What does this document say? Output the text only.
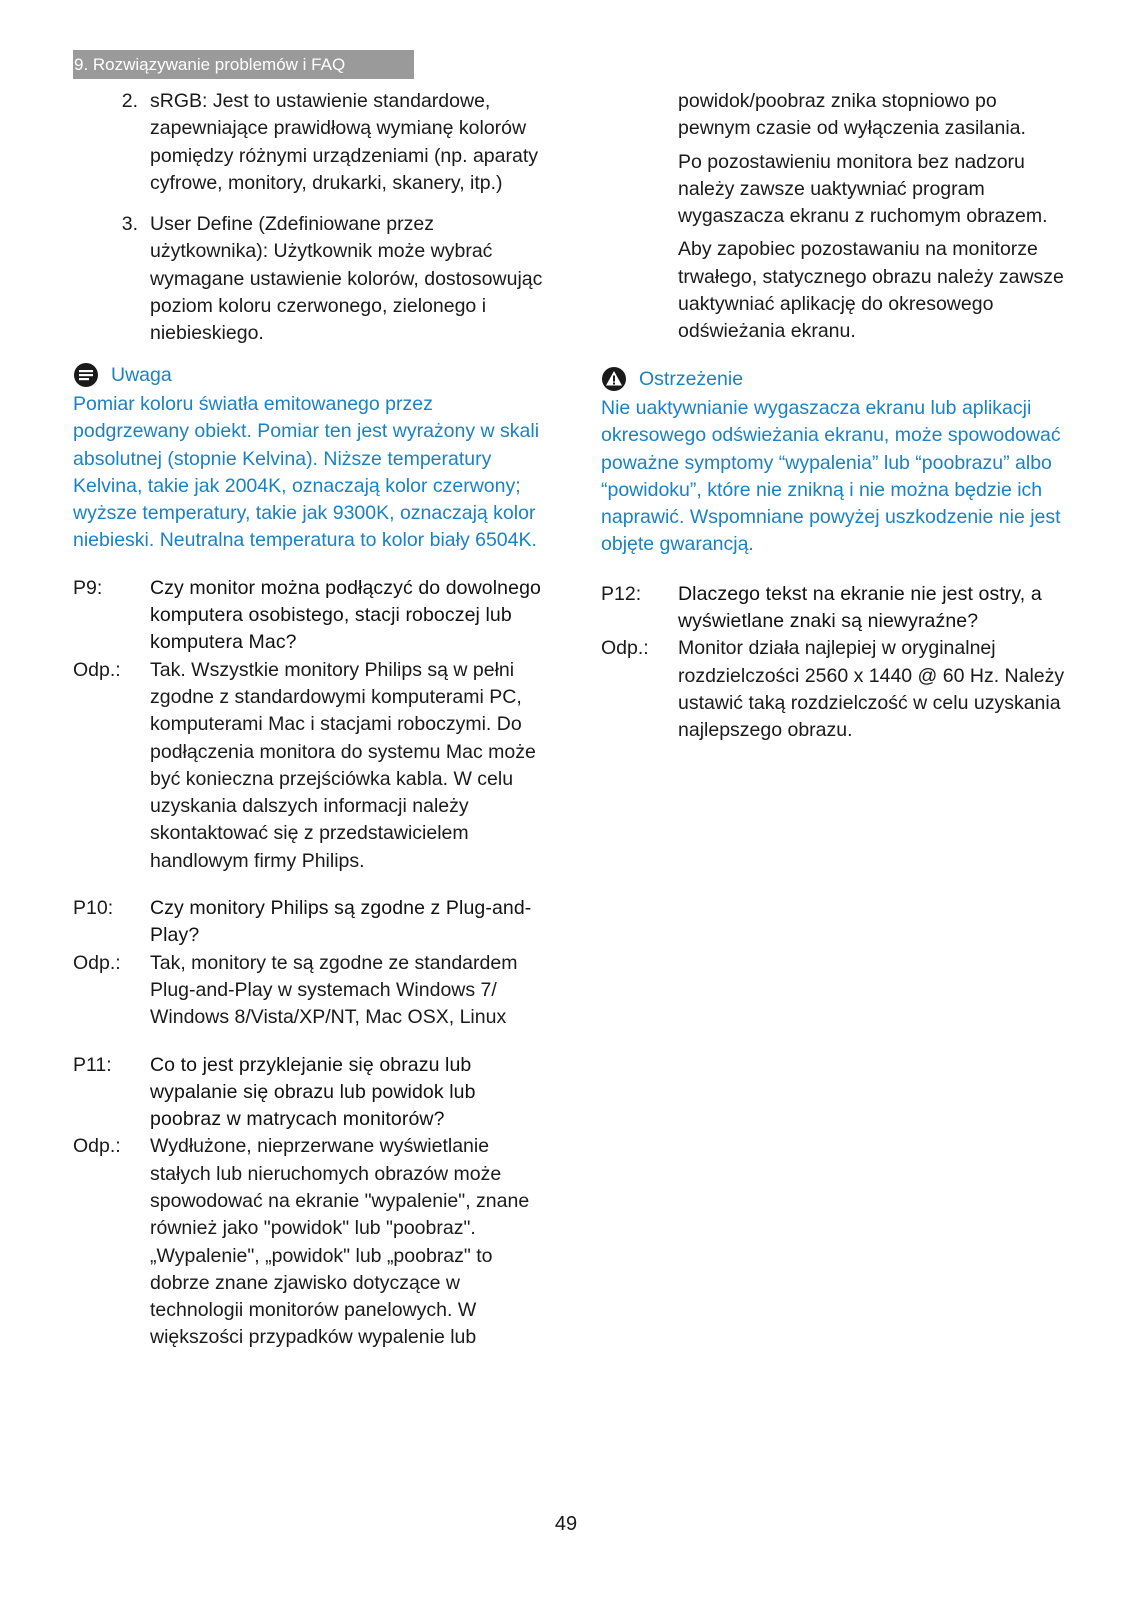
9. Rozwiązywanie problemów i FAQ
2. sRGB: Jest to ustawienie standardowe, zapewniające prawidłową wymianę kolorów pomiędzy różnymi urządzeniami (np. aparaty cyfrowe, monitory, drukarki, skanery, itp.)
3. User Define (Zdefiniowane przez użytkownika): Użytkownik może wybrać wymagane ustawienie kolorów, dostosowując poziom koloru czerwonego, zielonego i niebieskiego.
Uwaga
Pomiar koloru światła emitowanego przez podgrzewany obiekt. Pomiar ten jest wyrażony w skali absolutnej (stopnie Kelvina). Niższe temperatury Kelvina, takie jak 2004K, oznaczają kolor czerwony; wyższe temperatury, takie jak 9300K, oznaczają kolor niebieski. Neutralna temperatura to kolor biały 6504K.
P9:	Czy monitor można podłączyć do dowolnego komputera osobistego, stacji roboczej lub komputera Mac?
Odp.:	Tak. Wszystkie monitory Philips są w pełni zgodne z standardowymi komputerami PC, komputerami Mac i stacjami roboczymi. Do podłączenia monitora do systemu Mac może być konieczna przejściówka kabla. W celu uzyskania dalszych informacji należy skontaktować się z przedstawicielem handlowym firmy Philips.
P10:	Czy monitory Philips są zgodne z Plug-and-Play?
Odp.:	Tak, monitory te są zgodne ze standardem Plug-and-Play w systemach Windows 7/ Windows 8/Vista/XP/NT, Mac OSX, Linux
P11:	Co to jest przyklejanie się obrazu lub wypalanie się obrazu lub powidok lub poobraz w matrycach monitorów?
Odp.:	Wydłużone, nieprzerwane wyświetlanie stałych lub nieruchomych obrazów może spowodować na ekranie "wypalenie", znane również jako "powidok" lub "poobraz". „Wypalenie", „powidok" lub „poobraz" to dobrze znane zjawisko dotyczące w technologii monitorów panelowych. W większości przypadków wypalenie lub
powidok/poobraz znika stopniowo po pewnym czasie od wyłączenia zasilania.
Po pozostawieniu monitora bez nadzoru należy zawsze uaktywniać program wygaszacza ekranu z ruchomym obrazem.
Aby zapobiec pozostawaniu na monitorze trwałego, statycznego obrazu należy zawsze uaktywniać aplikację do okresowego odświeżania ekranu.
Ostrzeżenie
Nie uaktywnianie wygaszacza ekranu lub aplikacji okresowego odświeżania ekranu, może spowodować poważne symptomy “wypalenia” lub “poobrazu” albo “powidoku”, które nie znikną i nie można będzie ich naprawić. Wspomniane powyżej uszkodzenie nie jest objęte gwarancją.
P12:	Dlaczego tekst na ekranie nie jest ostry, a wyświetlane znaki są niewyraźne?
Odp.:	Monitor działa najlepiej w oryginalnej rozdzielczości 2560 x 1440 @ 60 Hz. Należy ustawić taką rozdzielczość w celu uzyskania najlepszego obrazu.
49
